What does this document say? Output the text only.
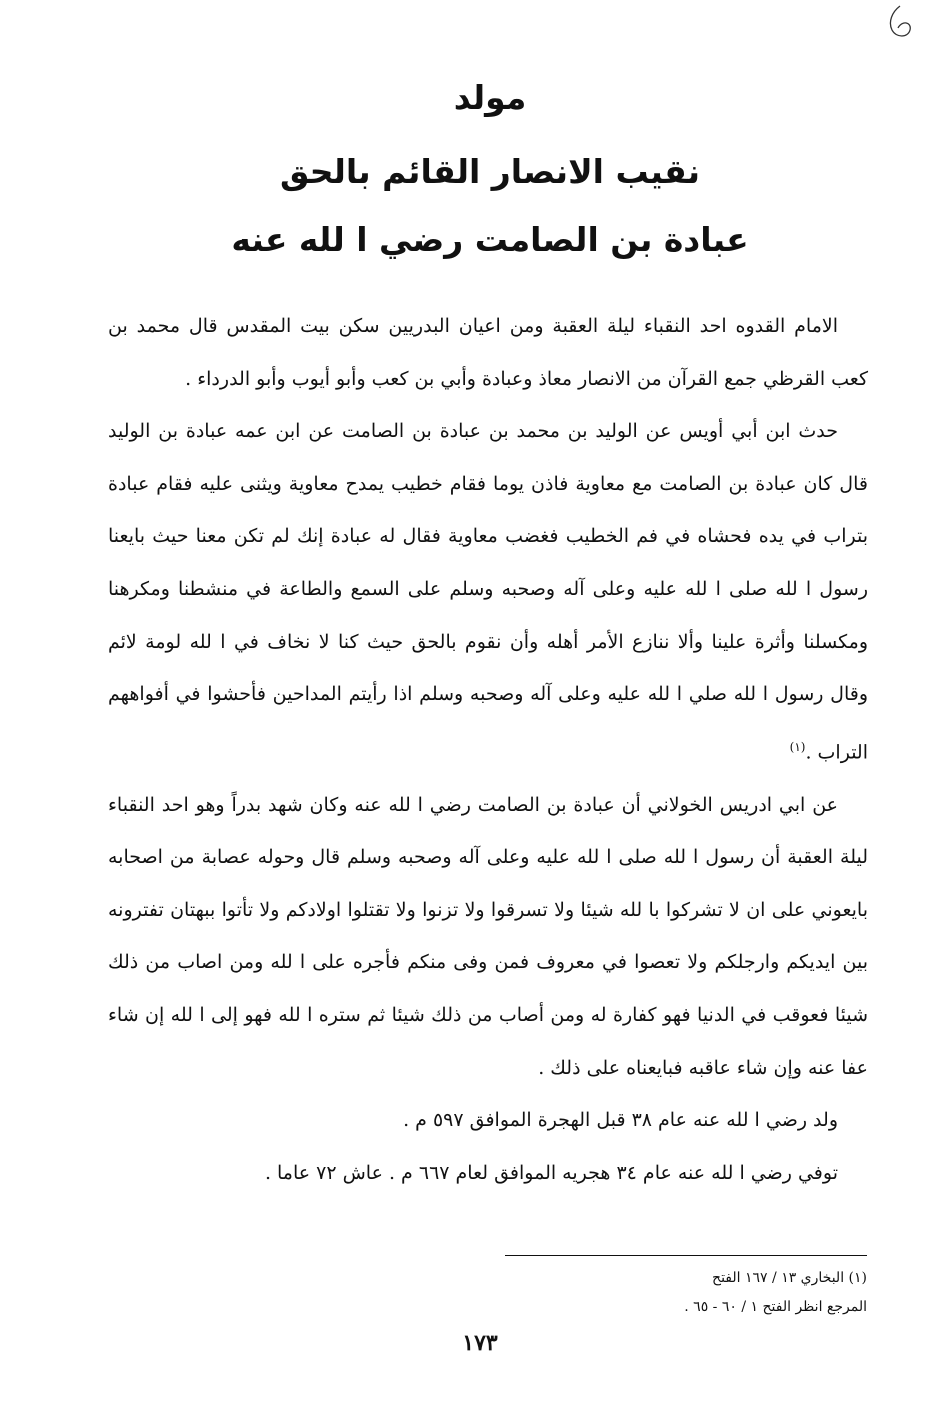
مولد
نقيب الانصار القائم بالحق
عبادة بن الصامت رضي ا لله عنه

الامام القدوه احد النقباء ليلة العقبة ومن اعيان البدريين سكن بيت المقدس قال محمد بن كعب القرظي جمع القرآن من الانصار معاذ وعبادة وأبي بن كعب وأبو أيوب وأبو الدرداء .

حدث ابن أبي أويس عن الوليد بن محمد بن عبادة بن الصامت عن ابن عمه عبادة بن الوليد قال كان عبادة بن الصامت مع معاوية فاذن يوما فقام خطيب يمدح معاوية ويثنى عليه فقام عبادة بتراب في يده فحشاه في فم الخطيب فغضب معاوية فقال له عبادة إنك لم تكن معنا حيث بايعنا رسول ا لله صلى ا لله عليه وعلى آله وصحبه وسلم على السمع والطاعة في منشطنا ومكرهنا ومكسلنا وأثرة علينا وألا ننازع الأمر أهله وأن نقوم بالحق حيث كنا لا نخاف في ا لله لومة لائم وقال رسول ا لله صلي ا لله عليه وعلى آله وصحبه وسلم اذا رأيتم المداحين فأحشوا في أفواههم التراب .$^{(١)}$

عن ابي ادريس الخولاني أن عبادة بن الصامت رضي ا لله عنه وكان شهد بدراً وهو احد النقباء ليلة العقبة أن رسول ا لله صلى ا لله عليه وعلى آله وصحبه وسلم قال وحوله عصابة من اصحابه بايعوني على ان لا تشركوا با لله شيئا ولا تسرقوا ولا تزنوا ولا تقتلوا اولادكم ولا تأتوا ببهتان تفترونه بين ايديكم وارجلكم ولا تعصوا في معروف فمن وفى منكم فأجره على ا لله ومن اصاب من ذلك شيئا فعوقب في الدنيا فهو كفارة له ومن أصاب من ذلك شيئا ثم ستره ا لله فهو إلى ا لله إن شاء عفا عنه وإن شاء عاقبه فبايعناه على ذلك .

ولد رضي ا لله عنه عام ٣٨ قبل الهجرة الموافق ٥٩٧ م .

توفي رضي ا لله عنه عام ٣٤ هجريه الموافق لعام ٦٦٧ م . عاش ٧٢ عاما .

(١) البخاري ١٣ / ١٦٧ الفتح
المرجع انظر الفتح ١ / ٦٠ - ٦٥ .
١٧٣
